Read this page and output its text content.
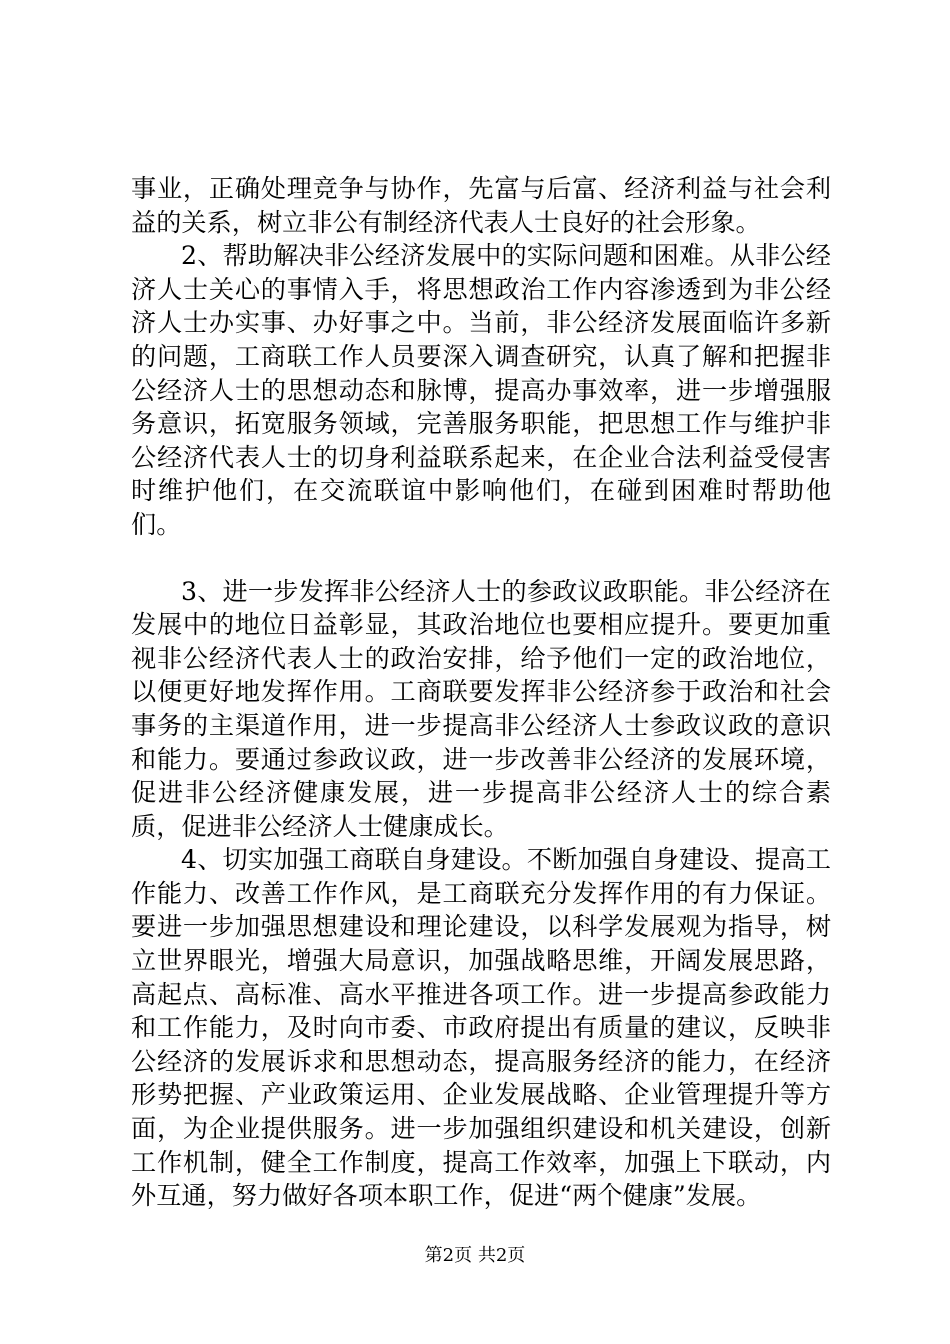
事业，正确处理竞争与协作，先富与后富、经济利益与社会利益的关系，树立非公有制经济代表人士良好的社会形象。

2、帮助解决非公经济发展中的实际问题和困难。从非公经济人士关心的事情入手，将思想政治工作内容渗透到为非公经济人士办实事、办好事之中。当前，非公经济发展面临许多新的问题，工商联工作人员要深入调查研究，认真了解和把握非公经济人士的思想动态和脉博，提高办事效率，进一步增强服务意识，拓宽服务领域，完善服务职能，把思想工作与维护非公经济代表人士的切身利益联系起来，在企业合法利益受侵害时维护他们，在交流联谊中影响他们，在碰到困难时帮助他们。

3、进一步发挥非公经济人士的参政议政职能。非公经济在发展中的地位日益彰显，其政治地位也要相应提升。要更加重视非公经济代表人士的政治安排，给予他们一定的政治地位，以便更好地发挥作用。工商联要发挥非公经济参于政治和社会事务的主渠道作用，进一步提高非公经济人士参政议政的意识和能力。要通过参政议政，进一步改善非公经济的发展环境，促进非公经济健康发展，进一步提高非公经济人士的综合素质，促进非公经济人士健康成长。

4、切实加强工商联自身建设。不断加强自身建设、提高工作能力、改善工作作风，是工商联充分发挥作用的有力保证。要进一步加强思想建设和理论建设，以科学发展观为指导，树立世界眼光，增强大局意识，加强战略思维，开阔发展思路，高起点、高标准、高水平推进各项工作。进一步提高参政能力和工作能力，及时向市委、市政府提出有质量的建议，反映非公经济的发展诉求和思想动态，提高服务经济的能力，在经济形势把握、产业政策运用、企业发展战略、企业管理提升等方面，为企业提供服务。进一步加强组织建设和机关建设，创新工作机制，健全工作制度，提高工作效率，加强上下联动，内外互通，努力做好各项本职工作，促进“两个健康”发展。

第2页 共2页
